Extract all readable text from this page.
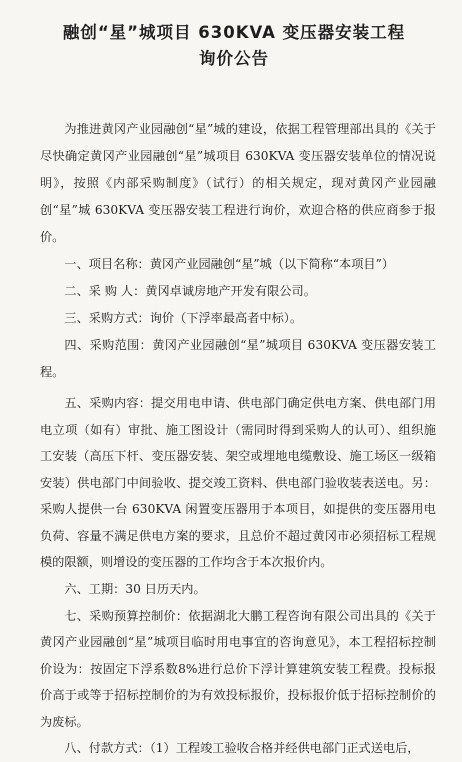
融创“星”城项目 630KVA 变压器安装工程
询价公告

为推进黄冈产业园融创“星”城的建设，依据工程管理部出具的《关于尽快确定黄冈产业园融创“星”城项目 630KVA 变压器安装单位的情况说明》，按照《内部采购制度》（试行）的相关规定，现对黄冈产业园融创“星”城 630KVA 变压器安装工程进行询价，欢迎合格的供应商参于报价。

一、项目名称：黄冈产业园融创“星”城（以下简称“本项目”）

二、采 购 人：黄冈卓诚房地产开发有限公司。

三、采购方式：询价（下浮率最高者中标）。

四、采购范围：黄冈产业园融创“星”城项目 630KVA 变压器安装工程。

五、采购内容：提交用电申请、供电部门确定供电方案、供电部门用电立项（如有）审批、施工图设计（需同时得到采购人的认可）、组织施工安装（高压下杆、变压器安装、架空或埋地电缆敷设、施工场区一级箱安装）供电部门中间验收、提交竣工资料、供电部门验收装表送电。另：采购人提供一台 630KVA 闲置变压器用于本项目，如提供的变压器用电负荷、容量不满足供电方案的要求，且总价不超过黄冈市必须招标工程规模的限额，则增设的变压器的工作均含于本次报价内。

六、工期：30 日历天内。

七、采购预算控制价：依据湖北大鹏工程咨询有限公司出具的《关于黄冈产业园融创“星”城项目临时用电事宜的咨询意见》，本工程招标控制价设为：按固定下浮系数8%进行总价下浮计算建筑安装工程费。投标报价高于或等于招标控制价的为有效投标报价，投标报价低于招标控制价的为废标。

八、付款方式：（1）工程竣工验收合格并经供电部门正式送电后，
